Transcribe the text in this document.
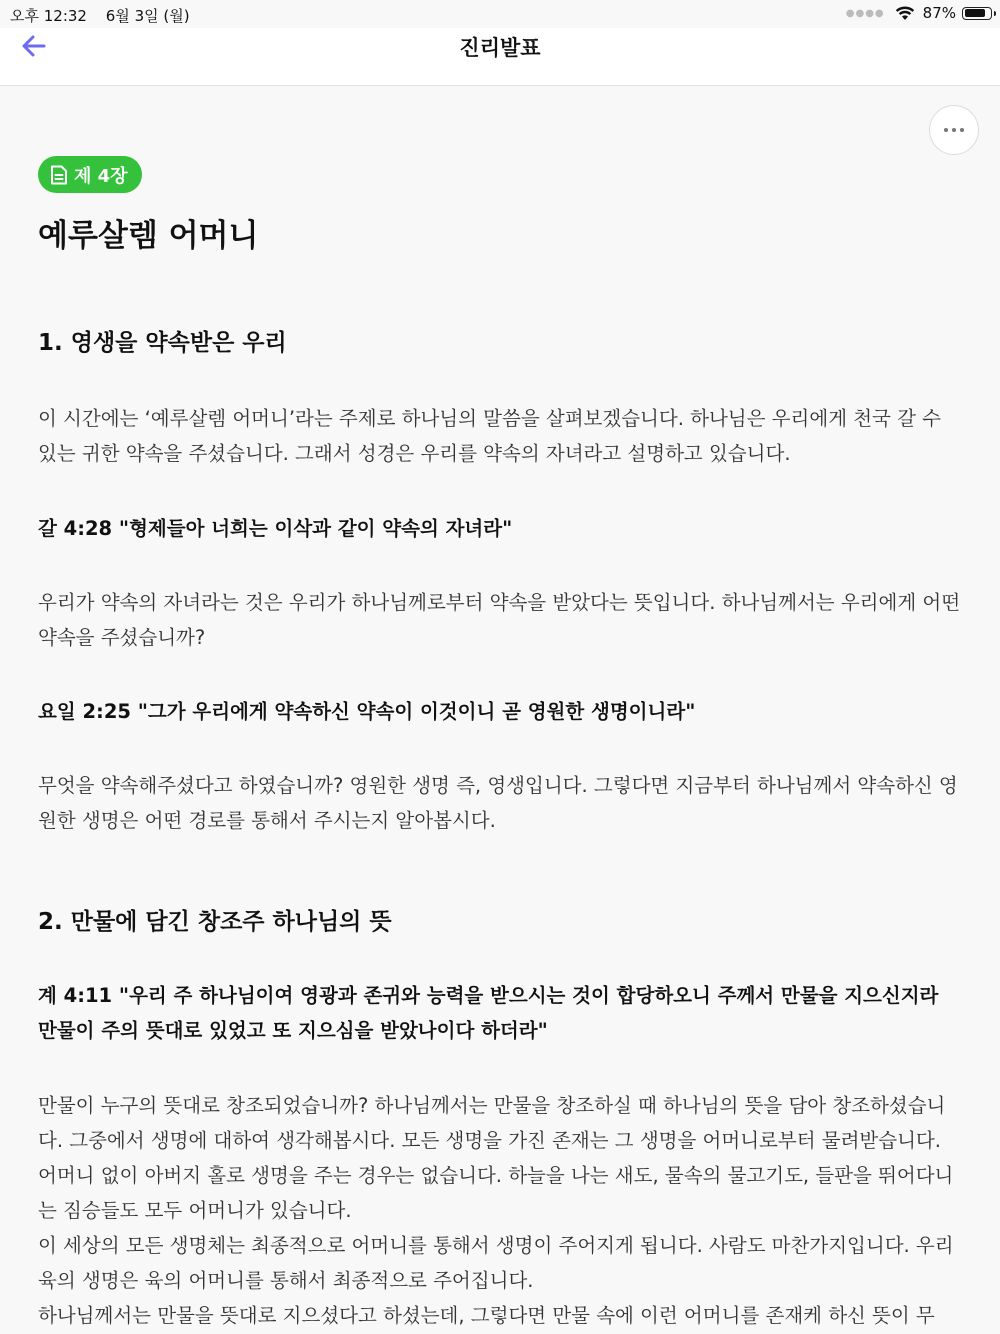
오후 12:32 6월 3일 (월)	●●●●	87%
진리발표
제 4장
예루살렘 어머니
1. 영생을 약속받은 우리

이 시간에는 ‘예루살렘 어머니’라는 주제로 하나님의 말씀을 살펴보겠습니다. 하나님은 우리에게 천국 갈 수 있는 귀한 약속을 주셨습니다. 그래서 성경은 우리를 약속의 자녀라고 설명하고 있습니다.

갈 4:28 "형제들아 너희는 이삭과 같이 약속의 자녀라"

우리가 약속의 자녀라는 것은 우리가 하나님께로부터 약속을 받았다는 뜻입니다. 하나님께서는 우리에게 어떤 약속을 주셨습니까?

요일 2:25 "그가 우리에게 약속하신 약속이 이것이니 곧 영원한 생명이니라"

무엇을 약속해주셨다고 하였습니까? 영원한 생명 즉, 영생입니다. 그렇다면 지금부터 하나님께서 약속하신 영원한 생명은 어떤 경로를 통해서 주시는지 알아봅시다.

2. 만물에 담긴 창조주 하나님의 뜻

계 4:11 "우리 주 하나님이여 영광과 존귀와 능력을 받으시는 것이 합당하오니 주께서 만물을 지으신지라 만물이 주의 뜻대로 있었고 또 지으심을 받았나이다 하더라"

만물이 누구의 뜻대로 창조되었습니까? 하나님께서는 만물을 창조하실 때 하나님의 뜻을 담아 창조하셨습니다. 그중에서 생명에 대하여 생각해봅시다. 모든 생명을 가진 존재는 그 생명을 어머니로부터 물려받습니다. 어머니 없이 아버지 홀로 생명을 주는 경우는 없습니다. 하늘을 나는 새도, 물속의 물고기도, 들판을 뛰어다니는 짐승들도 모두 어머니가 있습니다.

이 세상의 모든 생명체는 최종적으로 어머니를 통해서 생명이 주어지게 됩니다. 사람도 마찬가지입니다. 우리 육의 생명은 육의 어머니를 통해서 최종적으로 주어집니다.

하나님께서는 만물을 뜻대로 지으셨다고 하셨는데, 그렇다면 만물 속에 이런 어머니를 존재케 하신 뜻이 무
